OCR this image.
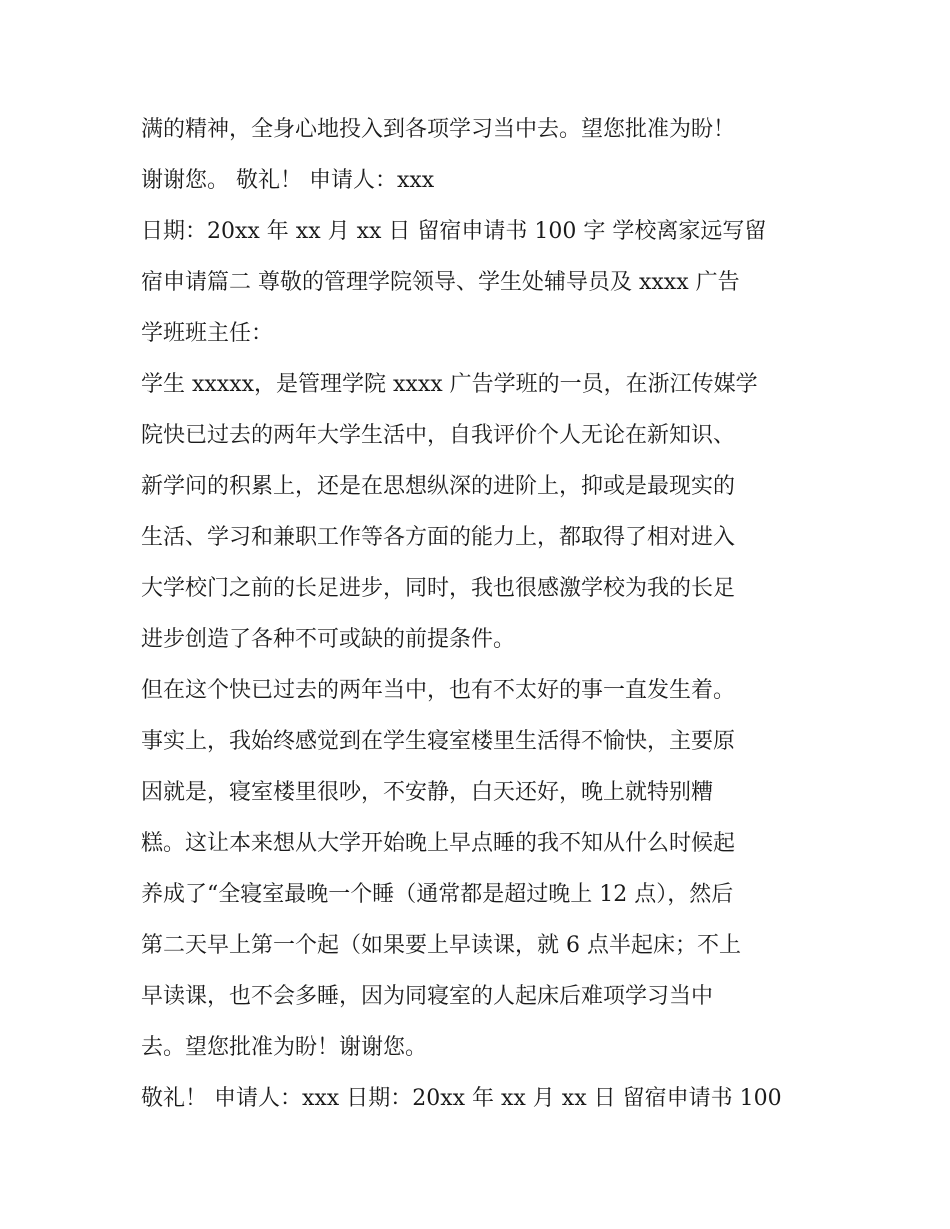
满的精神，全身心地投入到各项学习当中去。望您批准为盼！
谢谢您。 敬礼！ 申请人：xxx
日期：20xx 年 xx 月 xx 日 留宿申请书 100 字 学校离家远写留
宿申请篇二 尊敬的管理学院领导、学生处辅导员及 xxxx 广告
学班班主任：
学生 xxxxx，是管理学院 xxxx 广告学班的一员，在浙江传媒学
院快已过去的两年大学生活中，自我评价个人无论在新知识、
新学问的积累上，还是在思想纵深的进阶上，抑或是最现实的
生活、学习和兼职工作等各方面的能力上，都取得了相对进入
大学校门之前的长足进步，同时，我也很感激学校为我的长足
进步创造了各种不可或缺的前提条件。
但在这个快已过去的两年当中，也有不太好的事一直发生着。
事实上，我始终感觉到在学生寝室楼里生活得不愉快，主要原
因就是，寝室楼里很吵，不安静，白天还好，晚上就特别糟
糕。这让本来想从大学开始晚上早点睡的我不知从什么时候起
养成了“全寝室最晚一个睡（通常都是超过晚上 12 点），然后
第二天早上第一个起（如果要上早读课，就 6 点半起床；不上
早读课，也不会多睡，因为同寝室的人起床后难项学习当中
去。望您批准为盼！谢谢您。
敬礼！ 申请人：xxx 日期：20xx 年 xx 月 xx 日 留宿申请书 100
